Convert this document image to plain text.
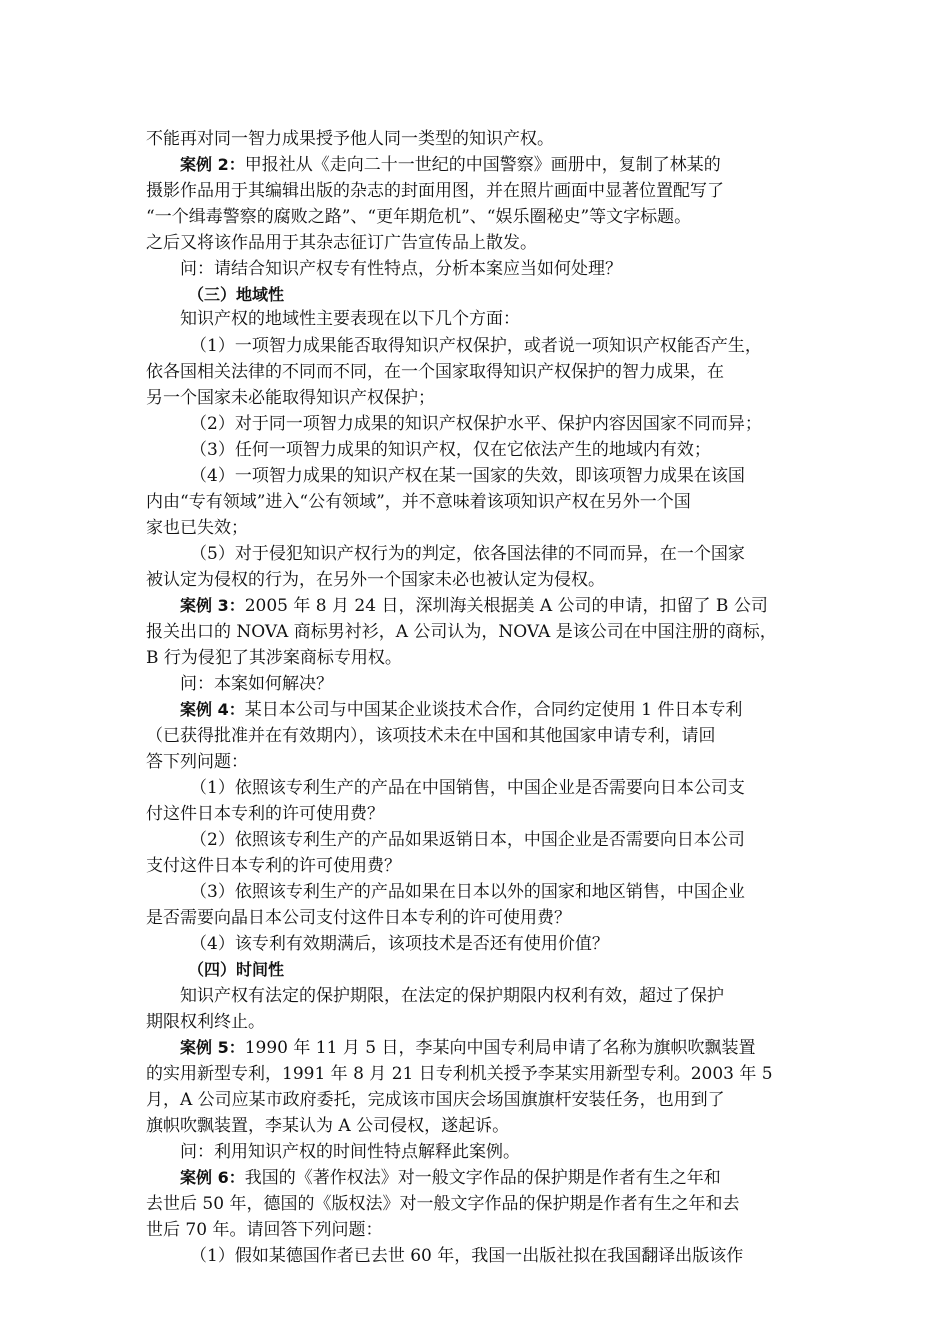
不能再对同一智力成果授予他人同一类型的知识产权。
案例 2：甲报社从《走向二十一世纪的中国警察》画册中，复制了林某的
摄影作品用于其编辑出版的杂志的封面用图，并在照片画面中显著位置配写了
“一个缉毒警察的腐败之路”、“更年期危机”、“娱乐圈秘史”等文字标题。
之后又将该作品用于其杂志征订广告宣传品上散发。
问：请结合知识产权专有性特点，分析本案应当如何处理？
（三）地域性
知识产权的地域性主要表现在以下几个方面：
（1）一项智力成果能否取得知识产权保护，或者说一项知识产权能否产生，
依各国相关法律的不同而不同，在一个国家取得知识产权保护的智力成果，在
另一个国家未必能取得知识产权保护；
（2）对于同一项智力成果的知识产权保护水平、保护内容因国家不同而异；
（3）任何一项智力成果的知识产权，仅在它依法产生的地域内有效；
（4）一项智力成果的知识产权在某一国家的失效，即该项智力成果在该国
内由“专有领域”进入“公有领域”，并不意味着该项知识产权在另外一个国
家也已失效；
（5）对于侵犯知识产权行为的判定，依各国法律的不同而异，在一个国家
被认定为侵权的行为，在另外一个国家未必也被认定为侵权。
案例 3：2005 年 8 月 24 日，深圳海关根据美 A 公司的申请，扣留了 B 公司
报关出口的 NOVA 商标男衬衫，A 公司认为，NOVA 是该公司在中国注册的商标，
B 行为侵犯了其涉案商标专用权。
问：本案如何解决？
案例 4：某日本公司与中国某企业谈技术合作，合同约定使用 1 件日本专利
（已获得批准并在有效期内），该项技术未在中国和其他国家申请专利，请回
答下列问题：
（1）依照该专利生产的产品在中国销售，中国企业是否需要向日本公司支
付这件日本专利的许可使用费？
（2）依照该专利生产的产品如果返销日本，中国企业是否需要向日本公司
支付这件日本专利的许可使用费？
（3）依照该专利生产的产品如果在日本以外的国家和地区销售，中国企业
是否需要向晶日本公司支付这件日本专利的许可使用费？
（4）该专利有效期满后，该项技术是否还有使用价值？
（四）时间性
知识产权有法定的保护期限，在法定的保护期限内权利有效，超过了保护
期限权利终止。
案例 5：1990 年 11 月 5 日，李某向中国专利局申请了名称为旗帜吹飘装置
的实用新型专利，1991 年 8 月 21 日专利机关授予李某实用新型专利。2003 年 5
月，A 公司应某市政府委托，完成该市国庆会场国旗旗杆安装任务，也用到了
旗帜吹飘装置，李某认为 A 公司侵权，遂起诉。
问：利用知识产权的时间性特点解释此案例。
案例 6：我国的《著作权法》对一般文字作品的保护期是作者有生之年和
去世后 50 年，德国的《版权法》对一般文字作品的保护期是作者有生之年和去
世后 70 年。请回答下列问题：
（1）假如某德国作者已去世 60 年，我国一出版社拟在我国翻译出版该作
